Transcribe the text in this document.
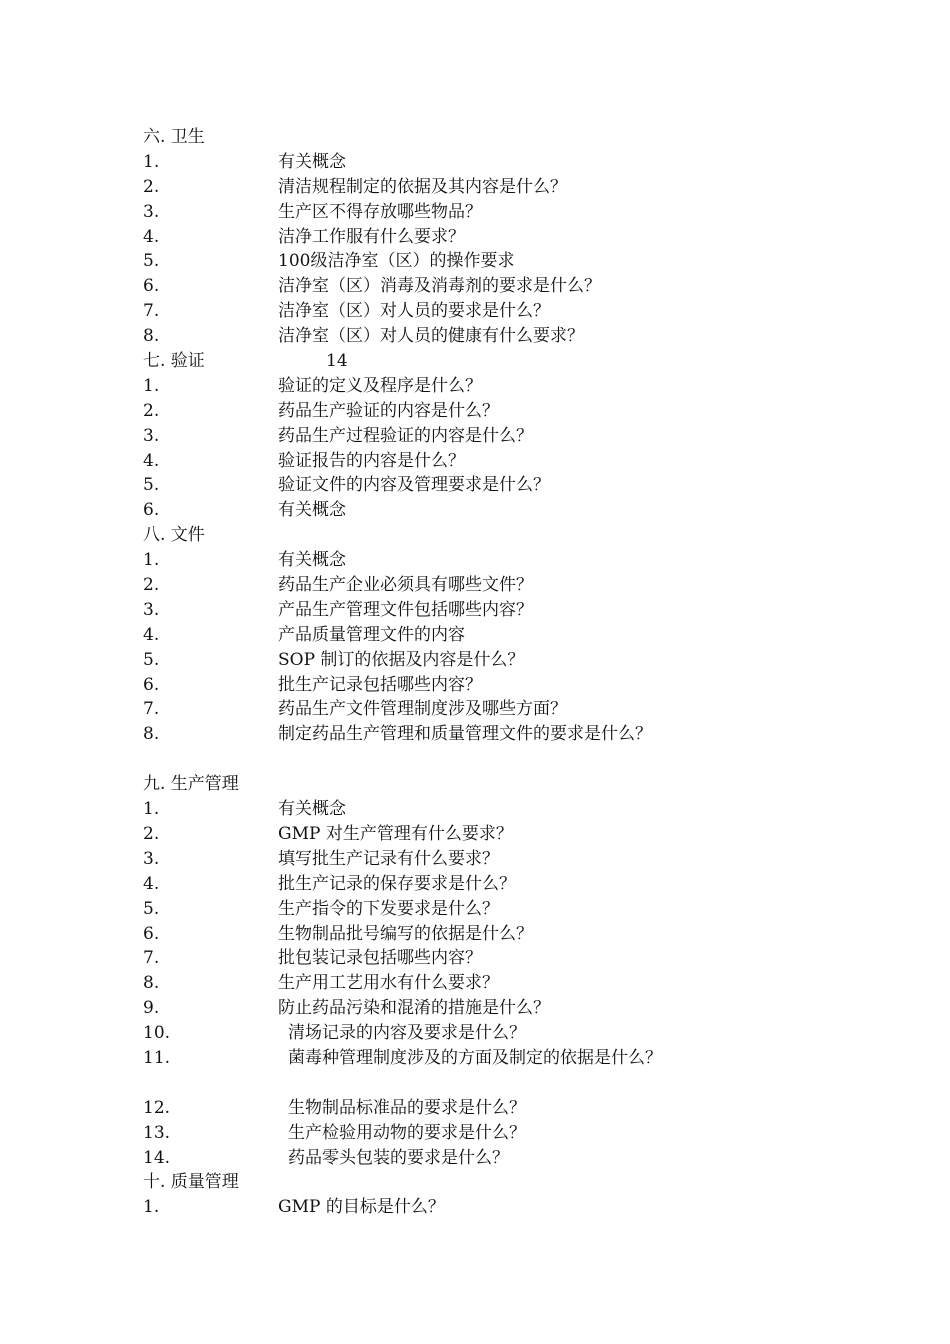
六. 卫生
1.	有关概念
2.	清洁规程制定的依据及其内容是什么？
3.	生产区不得存放哪些物品？
4.	洁净工作服有什么要求？
5.	100级洁净室（区）的操作要求
6.	洁净室（区）消毒及消毒剂的要求是什么？
7.	洁净室（区）对人员的要求是什么？
8.	洁净室（区）对人员的健康有什么要求？
七. 验证	14
1.	验证的定义及程序是什么？
2.	药品生产验证的内容是什么？
3.	药品生产过程验证的内容是什么？
4.	验证报告的内容是什么？
5.	验证文件的内容及管理要求是什么？
6.	有关概念
八. 文件
1.	有关概念
2.	药品生产企业必须具有哪些文件？
3.	产品生产管理文件包括哪些内容？
4.	产品质量管理文件的内容
5.	SOP 制订的依据及内容是什么？
6.	批生产记录包括哪些内容？
7.	药品生产文件管理制度涉及哪些方面？
8.	制定药品生产管理和质量管理文件的要求是什么？
九. 生产管理
1.	有关概念
2.	GMP 对生产管理有什么要求？
3.	填写批生产记录有什么要求？
4.	批生产记录的保存要求是什么？
5.	生产指令的下发要求是什么？
6.	生物制品批号编写的依据是什么？
7.	批包装记录包括哪些内容？
8.	生产用工艺用水有什么要求？
9.	防止药品污染和混淆的措施是什么？
10.	清场记录的内容及要求是什么？
11.	菌毒种管理制度涉及的方面及制定的依据是什么？
12.	生物制品标准品的要求是什么？
13.	生产检验用动物的要求是什么？
14.	药品零头包装的要求是什么？
十. 质量管理
1.	GMP 的目标是什么？
